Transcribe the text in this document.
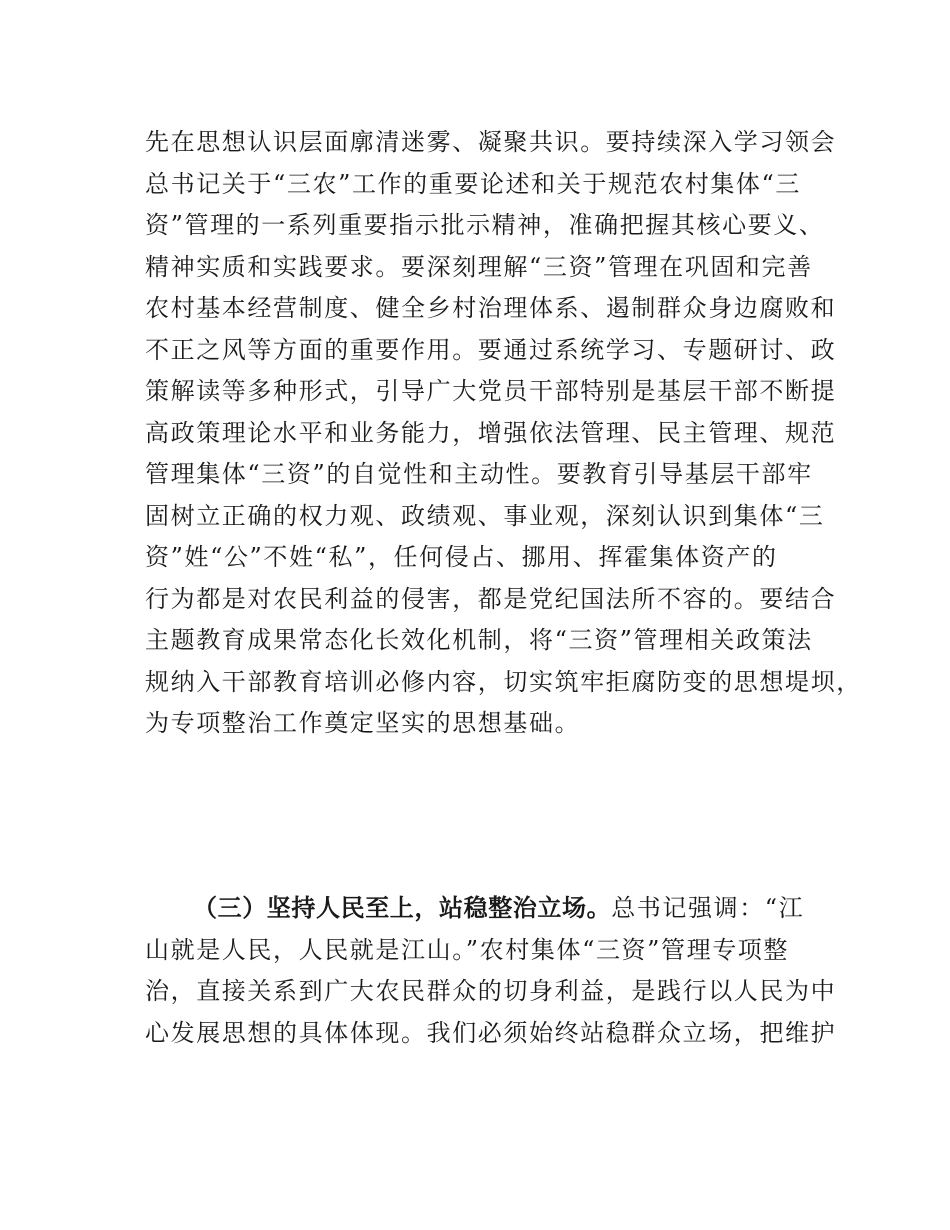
先在思想认识层面廓清迷雾、凝聚共识。要持续深入学习领会
总书记关于“三农”工作的重要论述和关于规范农村集体“三
资”管理的一系列重要指示批示精神，准确把握其核心要义、
精神实质和实践要求。要深刻理解“三资”管理在巩固和完善
农村基本经营制度、健全乡村治理体系、遏制群众身边腐败和
不正之风等方面的重要作用。要通过系统学习、专题研讨、政
策解读等多种形式，引导广大党员干部特别是基层干部不断提
高政策理论水平和业务能力，增强依法管理、民主管理、规范
管理集体“三资”的自觉性和主动性。要教育引导基层干部牢
固树立正确的权力观、政绩观、事业观，深刻认识到集体“三
资”姓“公”不姓“私”，任何侵占、挪用、挥霍集体资产的
行为都是对农民利益的侵害，都是党纪国法所不容的。要结合
主题教育成果常态化长效化机制，将“三资”管理相关政策法
规纳入干部教育培训必修内容，切实筑牢拒腐防变的思想堤坝，
为专项整治工作奠定坚实的思想基础。
（三）坚持人民至上，站稳整治立场。总书记强调：“江
山就是人民，人民就是江山。”农村集体“三资”管理专项整
治，直接关系到广大农民群众的切身利益，是践行以人民为中
心发展思想的具体体现。我们必须始终站稳群众立场，把维护
